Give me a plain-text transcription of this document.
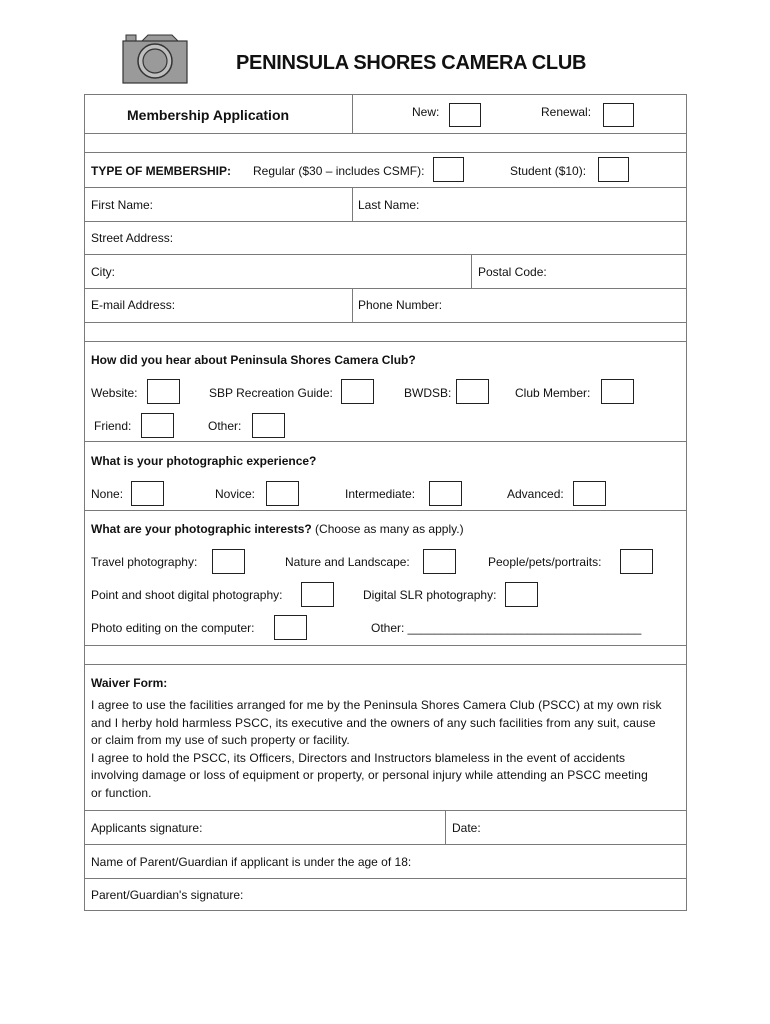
PENINSULA SHORES CAMERA CLUB
Membership Application	New:	Renewal:
TYPE OF MEMBERSHIP: Regular ($30 – includes CSMF):	Student ($10):
First Name:	Last Name:
Street Address:
City:	Postal Code:
E-mail Address:	Phone Number:
How did you hear about Peninsula Shores Camera Club?
Website:	SBP Recreation Guide:	BWDSB:	Club Member:
Friend:	Other:
What is your photographic experience?
None:	Novice:	Intermediate:	Advanced:
What are your photographic interests? (Choose as many as apply.)
Travel photography:	Nature and Landscape:	People/pets/portraits:
Point and shoot digital photography:	Digital SLR photography:
Photo editing on the computer:	Other: ___________________________________
Waiver Form:
I agree to use the facilities arranged for me by the Peninsula Shores Camera Club (PSCC) at my own risk
and I herby hold harmless PSCC, its executive and the owners of any such facilities from any suit, cause
or claim from my use of such property or facility.
I agree to hold the PSCC, its Officers, Directors and Instructors blameless in the event of accidents
involving damage or loss of equipment or property, or personal injury while attending an PSCC meeting
or function.
Applicants signature:	Date:
Name of Parent/Guardian if applicant is under the age of 18:
Parent/Guardian's signature:
